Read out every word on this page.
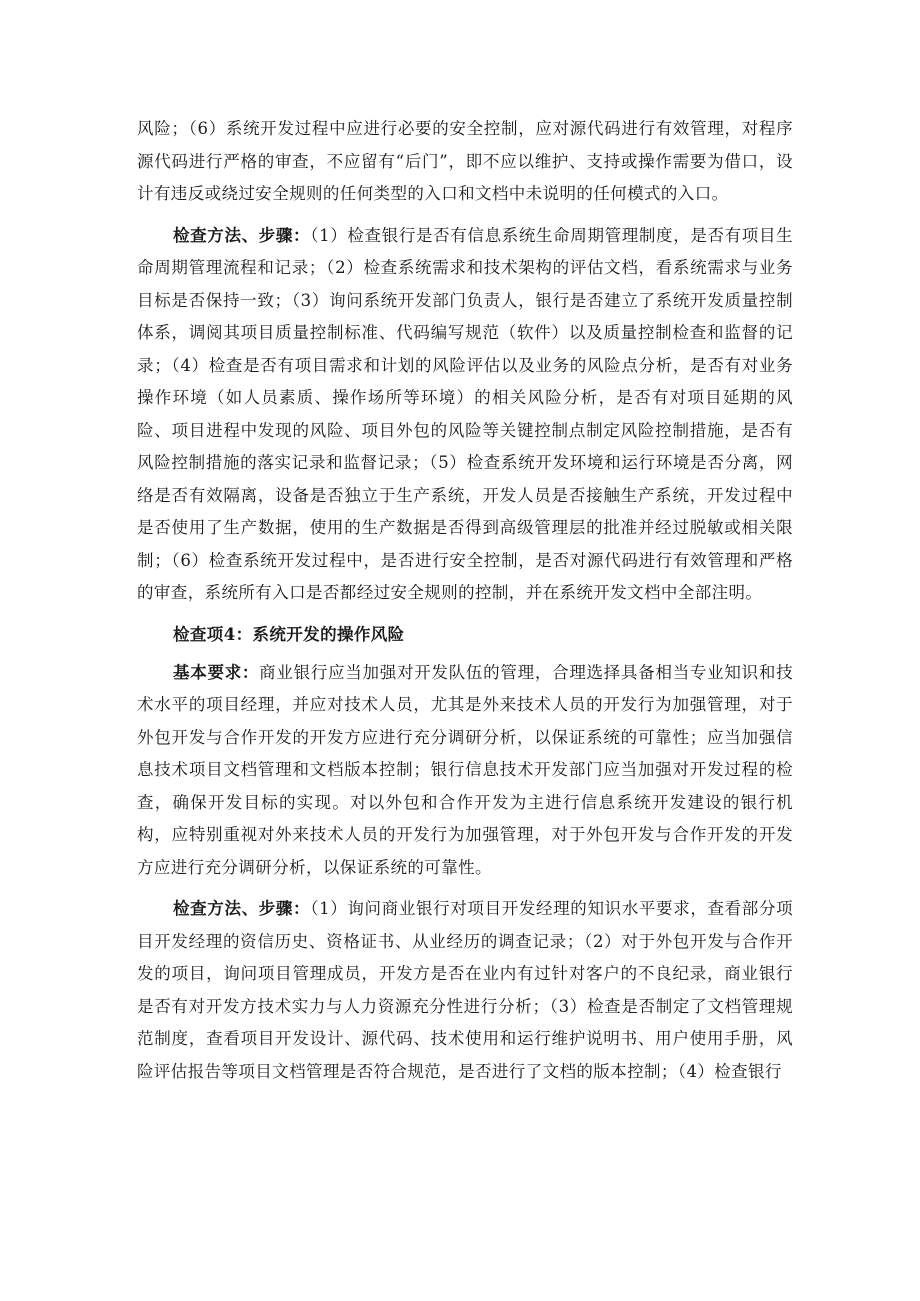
风险；（6）系统开发过程中应进行必要的安全控制，应对源代码进行有效管理，对程序源代码进行严格的审查，不应留有“后门”，即不应以维护、支持或操作需要为借口，设计有违反或绕过安全规则的任何类型的入口和文档中未说明的任何模式的入口。

检查方法、步骤：（1）检查银行是否有信息系统生命周期管理制度，是否有项目生命周期管理流程和记录；（2）检查系统需求和技术架构的评估文档，看系统需求与业务目标是否保持一致；（3）询问系统开发部门负责人，银行是否建立了系统开发质量控制体系，调阅其项目质量控制标准、代码编写规范（软件）以及质量控制检查和监督的记录；（4）检查是否有项目需求和计划的风险评估以及业务的风险点分析，是否有对业务操作环境（如人员素质、操作场所等环境）的相关风险分析，是否有对项目延期的风险、项目进程中发现的风险、项目外包的风险等关键控制点制定风险控制措施，是否有风险控制措施的落实记录和监督记录；（5）检查系统开发环境和运行环境是否分离，网络是否有效隔离，设备是否独立于生产系统，开发人员是否接触生产系统，开发过程中是否使用了生产数据，使用的生产数据是否得到高级管理层的批准并经过脱敏或相关限制；（6）检查系统开发过程中，是否进行安全控制，是否对源代码进行有效管理和严格的审查，系统所有入口是否都经过安全规则的控制，并在系统开发文档中全部注明。

检查项4：系统开发的操作风险

基本要求：商业银行应当加强对开发队伍的管理，合理选择具备相当专业知识和技术水平的项目经理，并应对技术人员，尤其是外来技术人员的开发行为加强管理，对于外包开发与合作开发的开发方应进行充分调研分析，以保证系统的可靠性；应当加强信息技术项目文档管理和文档版本控制；银行信息技术开发部门应当加强对开发过程的检查，确保开发目标的实现。对以外包和合作开发为主进行信息系统开发建设的银行机构，应特别重视对外来技术人员的开发行为加强管理，对于外包开发与合作开发的开发方应进行充分调研分析，以保证系统的可靠性。

检查方法、步骤：（1）询问商业银行对项目开发经理的知识水平要求，查看部分项目开发经理的资信历史、资格证书、从业经历的调查记录；（2）对于外包开发与合作开发的项目，询问项目管理成员，开发方是否在业内有过针对客户的不良纪录，商业银行是否有对开发方技术实力与人力资源充分性进行分析；（3）检查是否制定了文档管理规范制度，查看项目开发设计、源代码、技术使用和运行维护说明书、用户使用手册，风险评估报告等项目文档管理是否符合规范，是否进行了文档的版本控制；（4）检查银行
